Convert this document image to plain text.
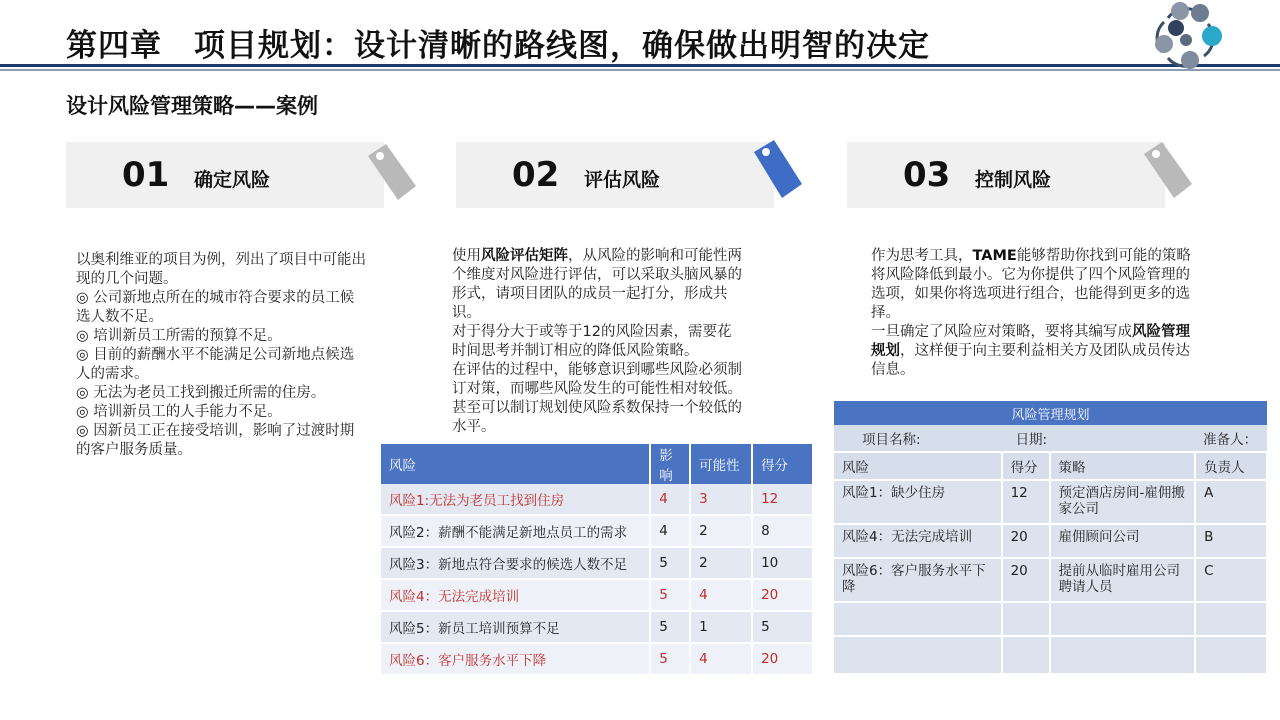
第四章　项目规划：设计清晰的路线图，确保做出明智的决定
设计风险管理策略——案例
01	确定风险	02	评估风险	03	控制风险

以奥利维亚的项目为例，列出了项目中可能出现的几个问题。

◎ 公司新地点所在的城市符合要求的员工候选人数不足。

◎ 培训新员工所需的预算不足。

◎ 目前的薪酬水平不能满足公司新地点候选人的需求。

◎ 无法为老员工找到搬迁所需的住房。

◎ 培训新员工的人手能力不足。

◎ 因新员工正在接受培训，影响了过渡时期的客户服务质量。

使用风险评估矩阵，从风险的影响和可能性两个维度对风险进行评估，可以采取头脑风暴的形式，请项目团队的成员一起打分，形成共识。

对于得分大于或等于12的风险因素，需要花时间思考并制订相应的降低风险策略。

在评估的过程中，能够意识到哪些风险必须制订对策，而哪些风险发生的可能性相对较低。甚至可以制订规划使风险系数保持一个较低的水平。

作为思考工具，TAME能够帮助你找到可能的策略将风险降低到最小。它为你提供了四个风险管理的选项，如果你将选项进行组合，也能得到更多的选择。

一旦确定了风险应对策略，要将其编写成风险管理规划，这样便于向主要利益相关方及团队成员传达信息。

风险	影响	可能性	得分
风险1:无法为老员工找到住房	4	3	12
风险2：薪酬不能满足新地点员工的需求	4	2	8
风险3：新地点符合要求的候选人数不足	5	2	10
风险4：无法完成培训	5	4	20
风险5：新员工培训预算不足	5	1	5
风险6：客户服务水平下降	5	4	20
风险管理规划			
项目名称:	日期:		准备人：
风险	得分	策略	负责人
风险1：缺少住房	12	预定酒店房间-雇佣搬家公司	A
风险4：无法完成培训	20	雇佣顾问公司	B
风险6：客户服务水平下降	20	提前从临时雇用公司聘请人员	C
